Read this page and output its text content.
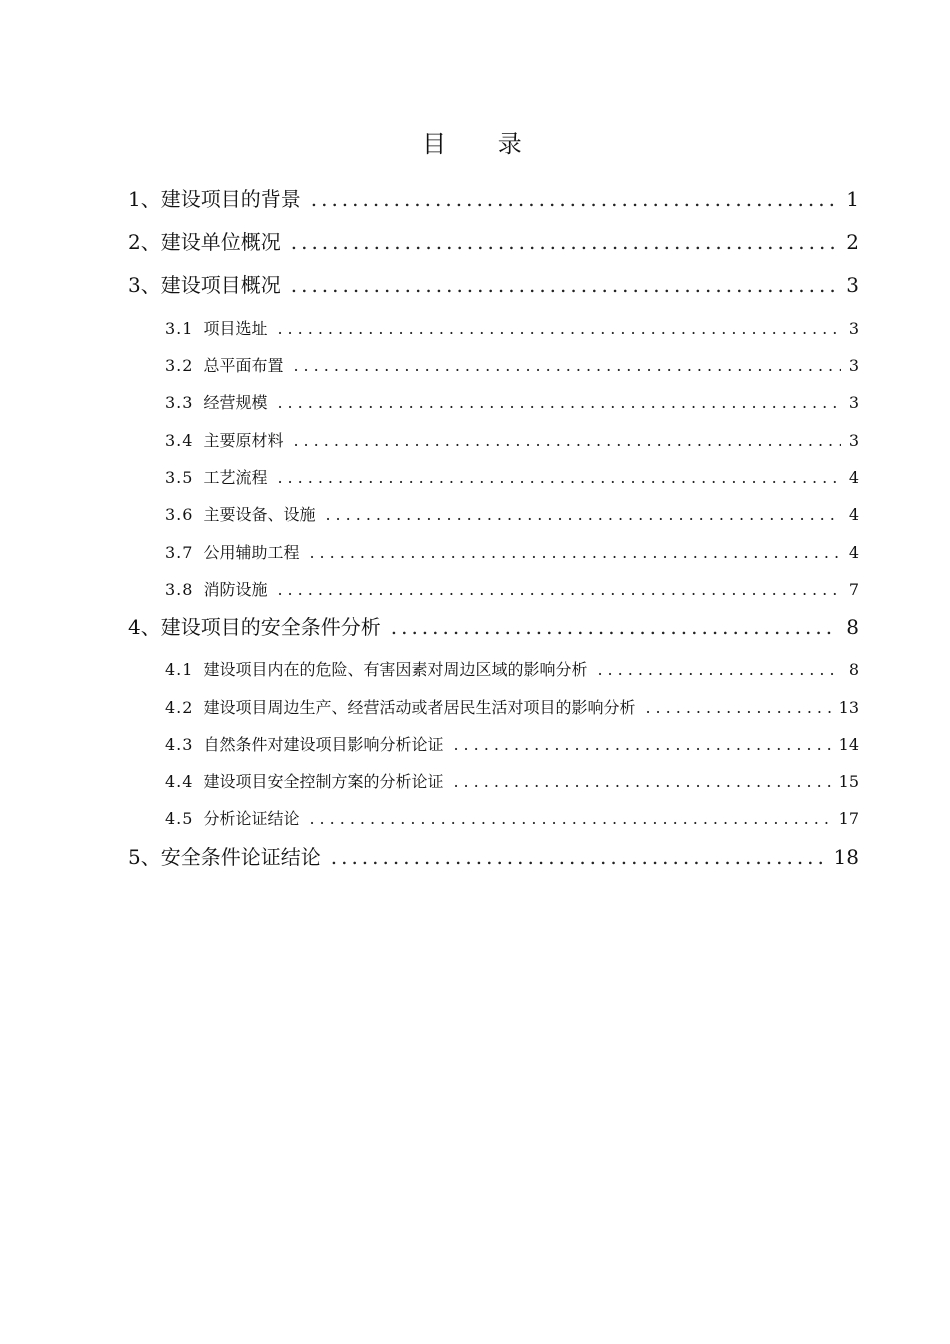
目 录
1、 建设项目的背景 .....	1
2、 建设单位概况 .....	2
3、 建设项目概况 .....	3
3.1 项目选址 .....	3
3.2 总平面布置 .....	3
3.3 经营规模 .....	3
3.4 主要原材料 .....	3
3.5 工艺流程 .....	4
3.6 主要设备、设施 .....	4
3.7 公用辅助工程 .....	4
3.8 消防设施 .....	7
4、 建设项目的安全条件分析 .....	8
4.1 建设项目内在的危险、有害因素对周边区域的影响分析 .....	8
4.2 建设项目周边生产、经营活动或者居民生活对项目的影响分析 .....	13
4.3 自然条件对建设项目影响分析论证 .....	14
4.4 建设项目安全控制方案的分析论证 .....	15
4.5 分析论证结论 .....	17
5、 安全条件论证结论 .....	18
